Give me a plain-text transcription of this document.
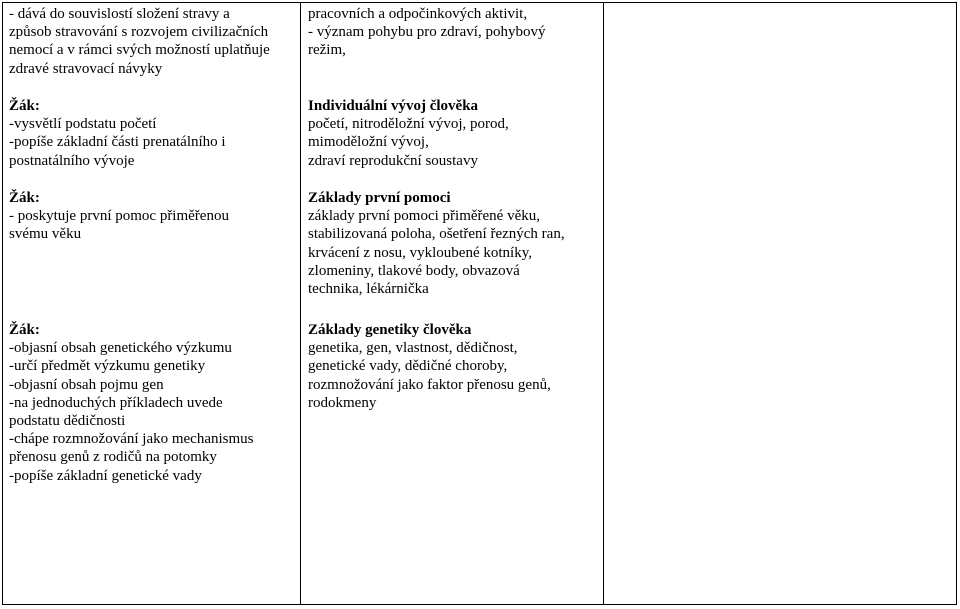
- dává do souvislostí složení stravy a
způsob stravování s rozvojem civilizačních
nemocí a v rámci svých možností uplatňuje
zdravé stravovací návyky
Žák:
-vysvětlí podstatu početí
-popíše základní části prenatálního i
postnatálního vývoje
Žák:
- poskytuje první pomoc přiměřenou
svému věku
Žák:
-objasní obsah genetického výzkumu
-určí předmět výzkumu genetiky
-objasní obsah pojmu gen
-na jednoduchých příkladech uvede
podstatu dědičnosti
-chápe rozmnožování jako mechanismus
přenosu genů z rodičů na potomky
-popíše základní genetické vady
pracovních a odpočinkových aktivit,
- význam pohybu pro zdraví, pohybový
režim,
Individuální vývoj člověka
početí, nitroděložní vývoj, porod,
mimoděložní vývoj,
zdraví reprodukční soustavy
Základy první pomoci
základy první pomoci přiměřené věku,
stabilizovaná poloha, ošetření řezných ran,
krvácení z nosu, vykloubené kotníky,
zlomeniny, tlakové body, obvazová
technika, lékárnička
Základy genetiky člověka
genetika, gen, vlastnost, dědičnost,
genetické vady, dědičné choroby,
rozmnožování jako faktor přenosu genů,
rodokmeny
